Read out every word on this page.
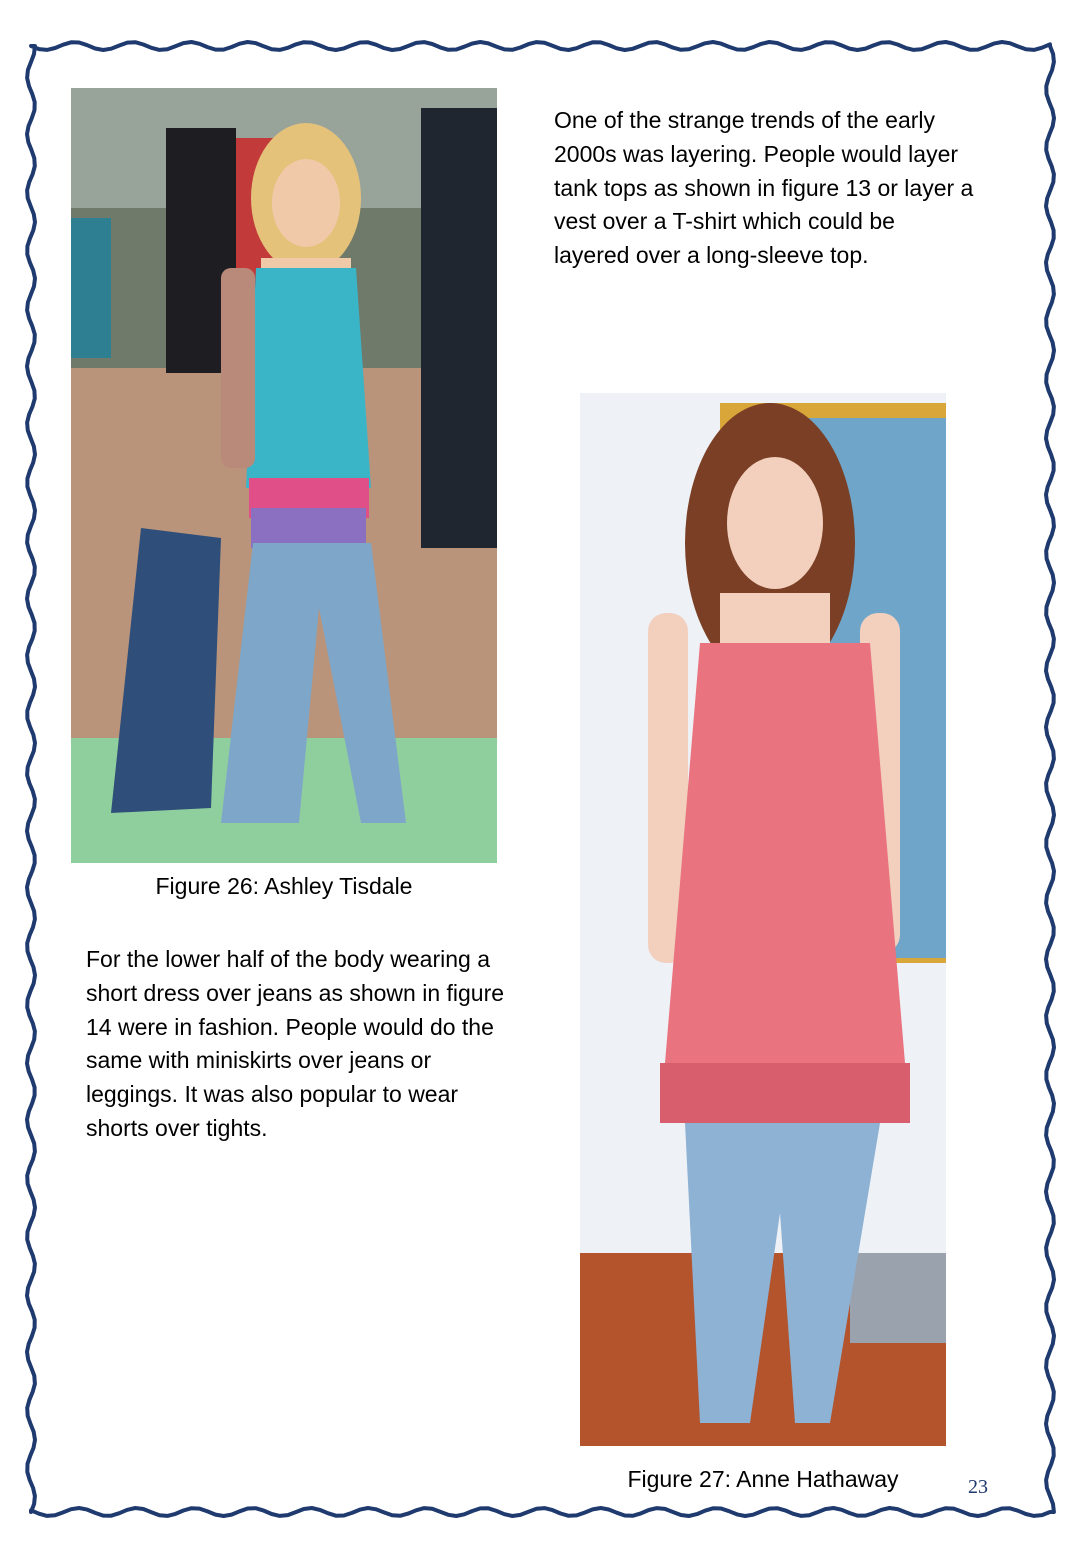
Figure 26: Ashley Tisdale

One of the strange trends of the early 2000s was layering. People would layer tank tops as shown in figure 13 or layer a vest over a T-shirt which could be layered over a long-sleeve top.

For the lower half of the body wearing a short dress over jeans as shown in figure 14 were in fashion. People would do the same with miniskirts over jeans or leggings. It was also popular to wear shorts over tights.

Figure 27: Anne Hathaway	23
